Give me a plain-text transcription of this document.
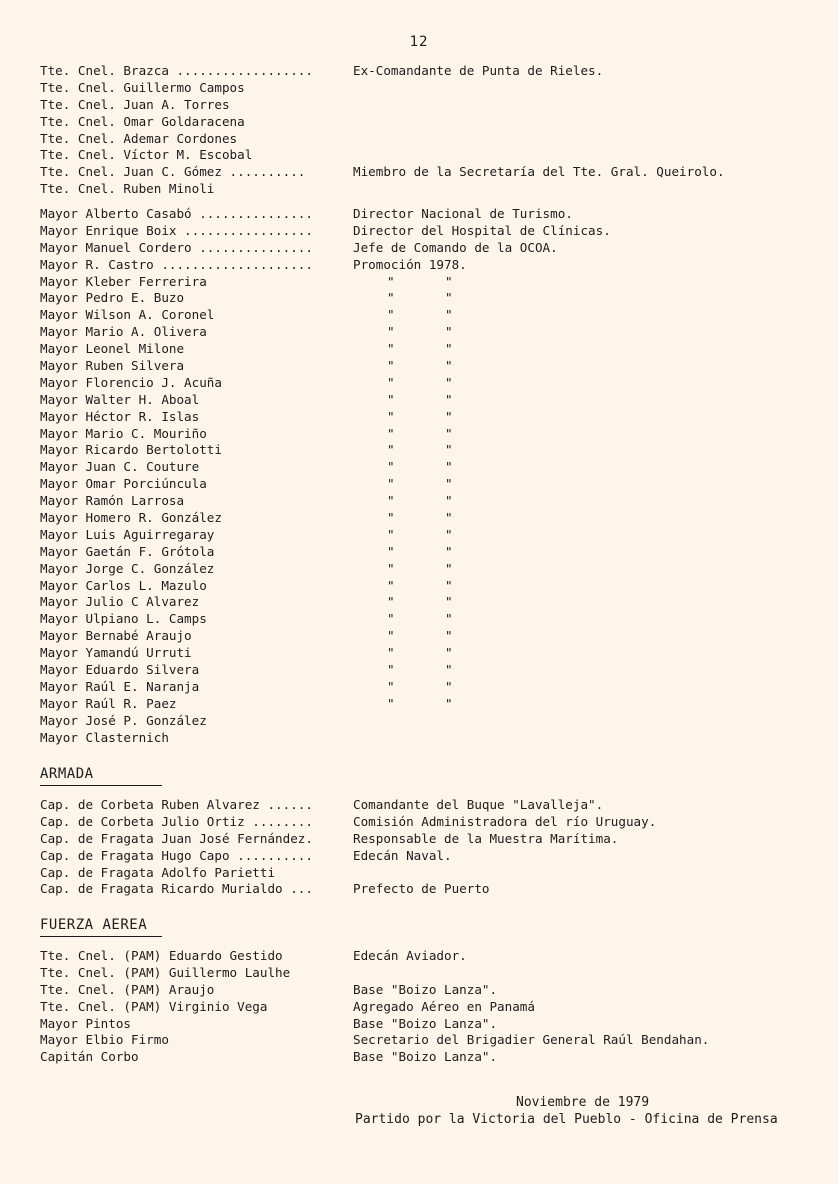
12
Tte. Cnel. Brazca ..................	Ex-Comandante de Punta de Rieles.
Tte. Cnel. Guillermo Campos
Tte. Cnel. Juan A. Torres
Tte. Cnel. Omar Goldaracena
Tte. Cnel. Ademar Cordones
Tte. Cnel. Víctor M. Escobal
Tte. Cnel. Juan C. Gómez ..........	Miembro de la Secretaría del Tte. Gral. Queirolo.
Tte. Cnel. Ruben Minoli
Mayor Alberto Casabó ...............	Director Nacional de Turismo.
Mayor Enrique Boix .................	Director del Hospital de Clínicas.
Mayor Manuel Cordero ...............	Jefe de Comando de la OCOA.
Mayor R. Castro ....................	Promoción 1978.
Mayor Kleber Ferrerira	"	"
Mayor Pedro E. Buzo	"	"
Mayor Wilson A. Coronel	"	"
Mayor Mario A. Olivera	"	"
Mayor Leonel Milone	"	"
Mayor Ruben Silvera	"	"
Mayor Florencio J. Acuña	"	"
Mayor Walter H. Aboal	"	"
Mayor Héctor R. Islas	"	"
Mayor Mario C. Mouriño	"	"
Mayor Ricardo Bertolotti	"	"
Mayor Juan C. Couture	"	"
Mayor Omar Porciúncula	"	"
Mayor Ramón Larrosa	"	"
Mayor Homero R. González	"	"
Mayor Luis Aguirregaray	"	"
Mayor Gaetán F. Grótola	"	"
Mayor Jorge C. González	"	"
Mayor Carlos L. Mazulo	"	"
Mayor Julio C Alvarez	"	"
Mayor Ulpiano L. Camps	"	"
Mayor Bernabé Araujo	"	"
Mayor Yamandú Urruti	"	"
Mayor Eduardo Silvera	"	"
Mayor Raúl E. Naranja	"	"
Mayor Raúl R. Paez	"	"
Mayor José P. González
Mayor Clasternich
ARMADA
Cap. de Corbeta Ruben Alvarez ......	Comandante del Buque "Lavalleja".
Cap. de Corbeta Julio Ortiz ........	Comisión Administradora del río Uruguay.
Cap. de Fragata Juan José Fernández.	Responsable de la Muestra Marítima.
Cap. de Fragata Hugo Capo ..........	Edecán Naval.
Cap. de Fragata Adolfo Parietti
Cap. de Fragata Ricardo Murialdo ...	Prefecto de Puerto
FUERZA AEREA
Tte. Cnel. (PAM) Eduardo Gestido	Edecán Aviador.
Tte. Cnel. (PAM) Guillermo Laulhe
Tte. Cnel. (PAM) Araujo	Base "Boizo Lanza".
Tte. Cnel. (PAM) Virginio Vega	Agregado Aéreo en Panamá
Mayor Pintos	Base "Boizo Lanza".
Mayor Elbio Firmo	Secretario del Brigadier General Raúl Bendahan.
Capitán Corbo	Base "Boizo Lanza".
Noviembre de 1979
Partido por la Victoria del Pueblo - Oficina de Prensa
